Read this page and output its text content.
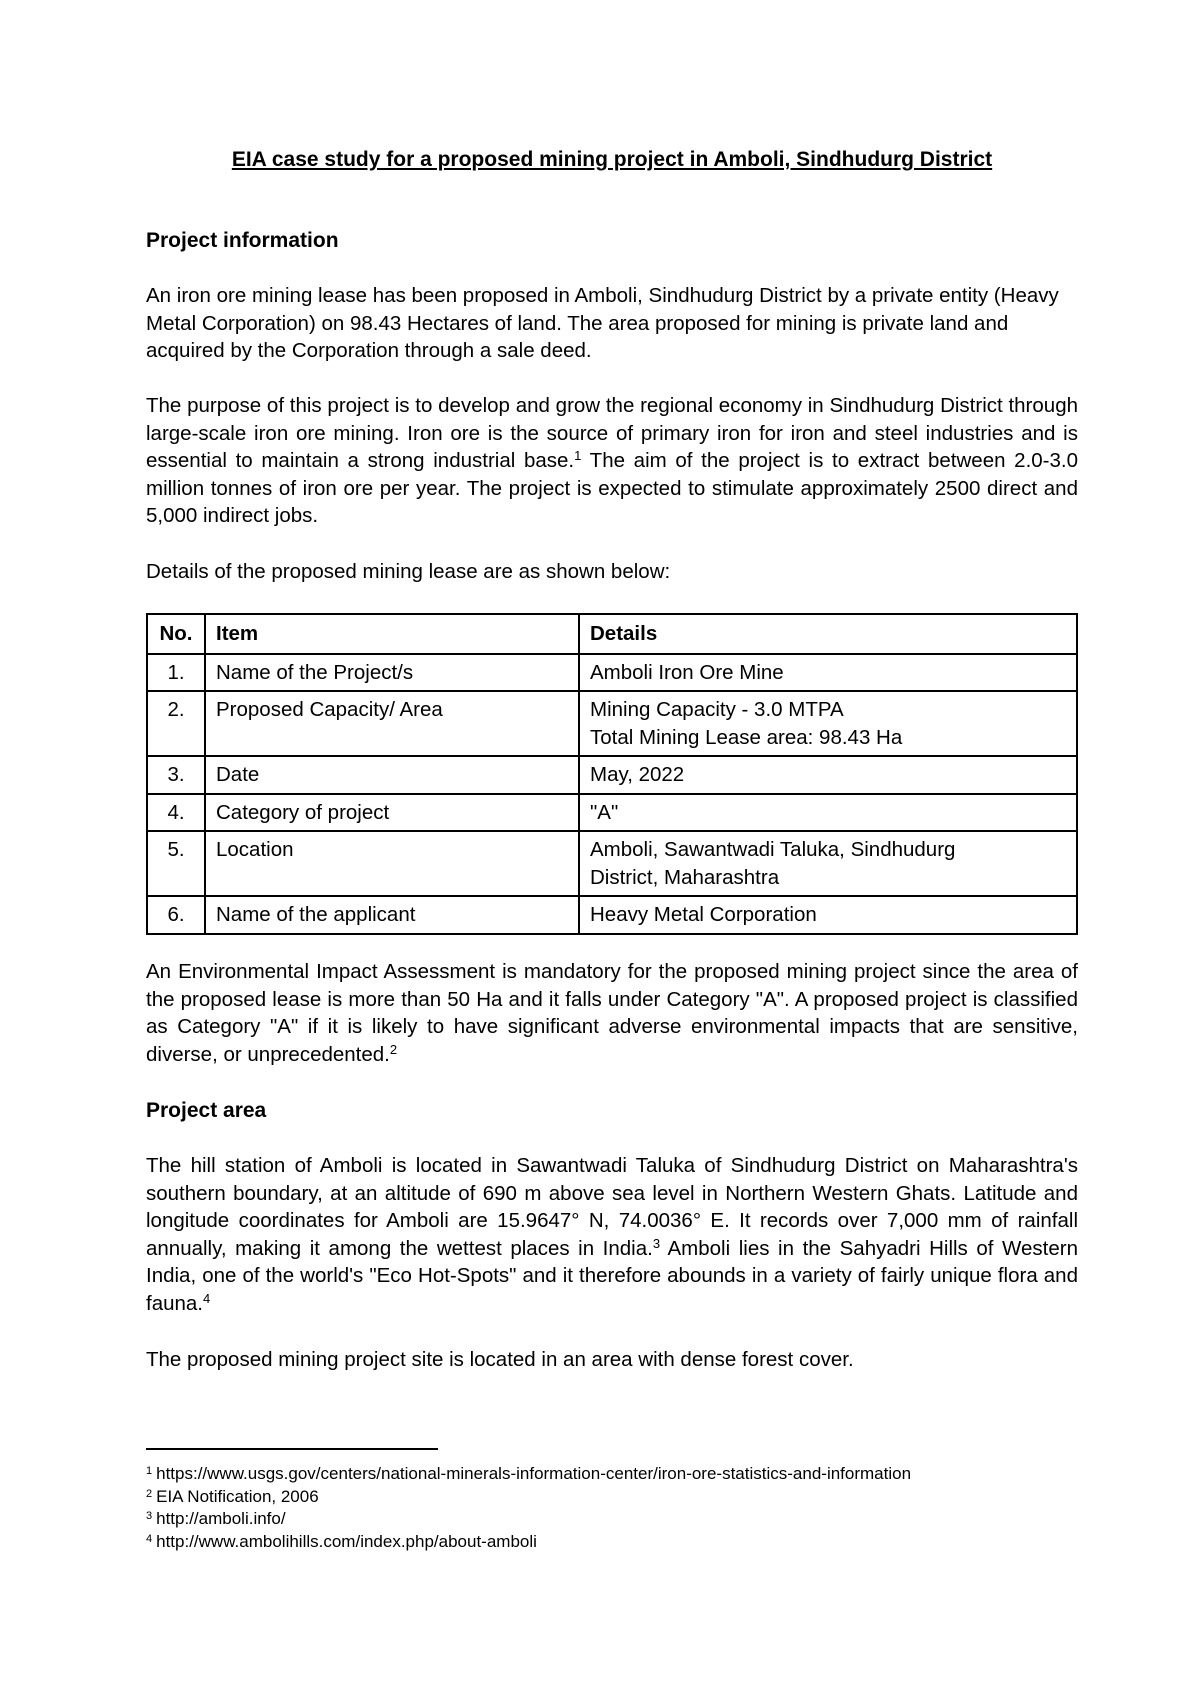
EIA case study for a proposed mining project in Amboli, Sindhudurg District
Project information

An iron ore mining lease has been proposed in Amboli, Sindhudurg District by a private entity (Heavy Metal Corporation) on 98.43 Hectares of land. The area proposed for mining is private land and acquired by the Corporation through a sale deed.

The purpose of this project is to develop and grow the regional economy in Sindhudurg District through large-scale iron ore mining. Iron ore is the source of primary iron for iron and steel industries and is essential to maintain a strong industrial base.$^1$ The aim of the project is to extract between 2.0-3.0 million tonnes of iron ore per year. The project is expected to stimulate approximately 2500 direct and 5,000 indirect jobs.

Details of the proposed mining lease are as shown below:

No.	Item	Details
1.	Name of the Project/s	Amboli Iron Ore Mine
2.	Proposed Capacity/ Area	Mining Capacity - 3.0 MTPA
Total Mining Lease area: 98.43 Ha
3.	Date	May, 2022
4.	Category of project	"A"
5.	Location	Amboli, Sawantwadi Taluka, Sindhudurg
District, Maharashtra
6.	Name of the applicant	Heavy Metal Corporation

An Environmental Impact Assessment is mandatory for the proposed mining project since the area of the proposed lease is more than 50 Ha and it falls under Category "A". A proposed project is classified as Category "A" if it is likely to have significant adverse environmental impacts that are sensitive, diverse, or unprecedented.$^2$

Project area

The hill station of Amboli is located in Sawantwadi Taluka of Sindhudurg District on Maharashtra's southern boundary, at an altitude of 690 m above sea level in Northern Western Ghats. Latitude and longitude coordinates for Amboli are 15.9647° N, 74.0036° E. It records over 7,000 mm of rainfall annually, making it among the wettest places in India.$^3$ Amboli lies in the Sahyadri Hills of Western India, one of the world's "Eco Hot-Spots" and it therefore abounds in a variety of fairly unique flora and fauna.$^4$

The proposed mining project site is located in an area with dense forest cover.

$^1$ https://www.usgs.gov/centers/national-minerals-information-center/iron-ore-statistics-and-information
$^2$ EIA Notification, 2006
$^3$ http://amboli.info/
$^4$ http://www.ambolihills.com/index.php/about-amboli
